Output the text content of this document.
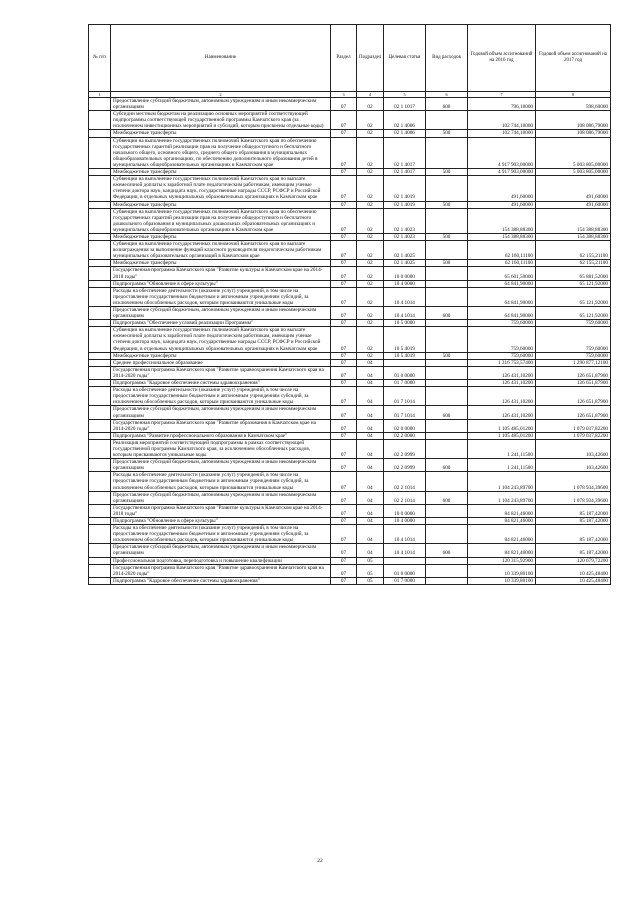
№ п/п	Наименование	Раздел	Подраздел	Целевая статья	Вид расходов	Годовой объем ассигнований на 2016 год	Годовой объем ассигнований на 2017 год
1	2	3	4	5	6	7	8
	Предоставление субсидий бюджетным, автономным учреждениям и иным некоммерческим организациям	07	02	02 1 1017	600	796,10000	598,60000
	Субсидии местным бюджетам на реализацию основных мероприятий соответствующей подпрограммы соответствующей государственной программы Камчатского края (за исключением инвестиционных мероприятий и субсидий, которым присвоены отдельные коды)	07	02	02 1 4006		102 744,10000	108 086,79000
	Межбюджетные трансферты	07	02	02 1 4006	500	102 744,10000	108 086,79000
	Субвенции на выполнение государственных полномочий Камчатского края по обеспечению государственных гарантий реализации прав на получение общедоступного и бесплатного начального общего, основного общего, среднего общего образования в муниципальных общеобразовательных организациях, по обеспечению дополнительного образования детей в муниципальных общеобразовательных организациях в Камчатском крае	07	02	02 1 4017		4 917 903,00000	5 003 805,00000
	Межбюджетные трансферты	07	02	02 1 4017	500	4 917 903,00000	5 003 805,00000
	Субвенции на выполнение государственных полномочий Камчатского края по выплате ежемесячной доплаты к заработной плате педагогическим работникам, имеющим ученые степени доктора наук, кандидата наук, государственные награды СССР, РСФСР и Российской Федерации, в отдельных муниципальных образовательных организациях в Камчатском крае	07	02	02 1 4019		491,60000	491,60000
	Межбюджетные трансферты	07	02	02 1 4019	500	491,60000	491,60000
	Субвенции на выполнение государственных полномочий Камчатского края по обеспечению государственных гарантий реализации прав на получение общедоступного и бесплатного дошкольного образования в муниципальных дошкольных образовательных организациях и муниципальных общеобразовательных организациях в Камчатском крае	07	02	02 1 4023		154 388,88300	154 388,88300
	Межбюджетные трансферты	07	02	02 1 4023	500	154 388,88300	154 388,88300
	Субвенции на выполнение государственных полномочий Камчатского края по выплате вознаграждения за выполнение функций классного руководителя педагогическим работникам муниципальных образовательных организаций в Камчатском крае	07	02	02 1 4025		62 160,11100	62 155,21100
	Межбюджетные трансферты	07	02	02 1 4025	500	62 160,11100	62 155,21100
	Государственная программа Камчатского края "Развитие культуры в Камчатском крае на 2014-2018 годы"	07	02	10 0 0000		65 601,50000	65 881,52000
	Подпрограмма "Обновление в сфере культуры"	07	02	10 4 0000		64 841,90000	65 121,92000
	Расходы на обеспечение деятельности (оказание услуг) учреждений, в том числе на предоставление государственным бюджетным и автономным учреждениям субсидий, за исключением обособленных расходов, которым присваиваются уникальные коды	07	02	10 4 1014		64 841,90000	65 121,92000
	Предоставление субсидий бюджетным, автономным учреждениям и иным некоммерческим организациям	07	02	10 4 1014	600	64 841,90000	65 121,92000
	Подпрограмма "Обеспечение условий реализации Программы"	07	02	10 5 0000		759,60000	759,60000
	Субвенции на выполнение государственных полномочий Камчатского края по выплате ежемесячной доплаты к заработной плате педагогическим работникам, имеющим ученые степени доктора наук, кандидата наук, государственные награды СССР, РСФСР и Российской Федерации, в отдельных муниципальных образовательных организациях в Камчатском крае	07	02	10 5 4019		759,60000	759,60000
	Межбюджетные трансферты	07	02	10 5 4019	500	759,60000	759,60000
	Среднее профессиональное образование	07	04			1 316 753,57400	1 290 877,12100
	Государственная программа Камчатского края "Развитие здравоохранения Камчатского края на 2014-2020 годы"	07	04	01 0 0000		126 431,10200	126 651,87900
	Подпрограмма "Кадровое обеспечение системы здравоохранения"	07	04	01 7 0000		126 431,10200	126 651,87900
	Расходы на обеспечение деятельности (оказание услуг) учреждений, в том числе на предоставление государственным бюджетным и автономным учреждениям субсидий, за исключением обособленных расходов, которым присваиваются уникальные коды	07	04	01 7 1014		126 431,10200	126 651,87900
	Предоставление субсидий бюджетным, автономным учреждениям и иным некоммерческим организациям	07	04	01 7 1014	600	126 431,10200	126 651,87900
	Государственная программа Камчатского края "Развитие образования в Камчатском крае на 2014-2020 годы"	07	04	02 0 0000		1 105 485,01200	1 079 037,82200
	Подпрограмма "Развитие профессионального образования в Камчатском крае"	07	04	02 2 0000		1 105 485,01200	1 079 037,82200
	Реализация мероприятий соответствующей подпрограммы в рамках соответствующей государственной программы Камчатского края, за исключением обособленных расходов, которым присваиваются уникальные коды	07	04	02 2 0999		1 241,11500	103,42600
	Предоставление субсидий бюджетным, автономным учреждениям и иным некоммерческим организациям	07	04	02 2 0999	600	1 241,11500	103,42600
	Расходы на обеспечение деятельности (оказание услуг) учреждений, в том числе на предоставление государственным бюджетным и автономным учреждениям субсидий, за исключением обособленных расходов, которым присваиваются уникальные коды	07	04	02 2 1014		1 104 243,89700	1 078 934,39600
	Предоставление субсидий бюджетным, автономным учреждениям и иным некоммерческим организациям	07	04	02 2 1014	600	1 104 243,89700	1 078 934,39600
	Государственная программа Камчатского края "Развитие культуры в Камчатском крае на 2014-2018 годы"	07	04	10 0 0000		84 821,46000	85 187,42000
	Подпрограмма "Обновление в сфере культуры"	07	04	10 4 0000		84 821,46000	85 187,42000
	Расходы на обеспечение деятельности (оказание услуг) учреждений, в том числе на предоставление государственным бюджетным и автономным учреждениям субсидий, за исключением обособленных расходов, которым присваиваются уникальные коды	07	04	10 4 1014		84 821,46000	85 187,42000
	Предоставление субсидий бюджетным, автономным учреждениям и иным некоммерческим организациям	07	04	10 4 1014	600	84 821,46000	85 187,42000
	Профессиональная подготовка, переподготовка и повышение квалификации	07	05			120 315,92900	120 679,72200
	Государственная программа Камчатского края "Развитие здравоохранения Камчатского края на 2014-2020 годы"	07	05	01 0 0000		10 339,80100	10 425,48400
	Подпрограмма "Кадровое обеспечение системы здравоохранения"	07	05	01 7 0000		10 339,80100	10 425,48400
22
